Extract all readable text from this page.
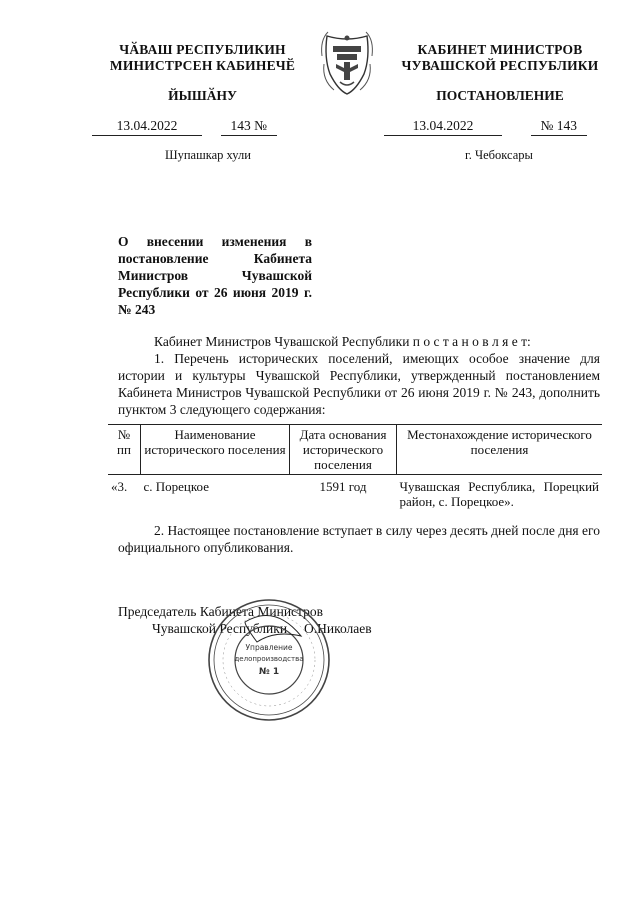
ЧӐВАШ РЕСПУБЛИКИН
МИНИСТРСЕН КАБИНЕЧӖ
ЙЫШӐНУ
КАБИНЕТ МИНИСТРОВ
ЧУВАШСКОЙ РЕСПУБЛИКИ
ПОСТАНОВЛЕНИЕ
13.04.2022	143 №	13.04.2022	№ 143
Шупашкар хули	г. Чебоксары
О внесении изменения в постановление Кабинета Министров Чувашской Республики от 26 июня 2019 г. № 243
Кабинет Министров Чувашской Республики п о с т а н о в л я е т:
1. Перечень исторических поселений, имеющих особое значение для истории и культуры Чувашской Республики, утвержденный постановлением Кабинета Министров Чувашской Республики от 26 июня 2019 г. № 243, дополнить пунктом 3 следующего содержания:
№ пп	Наименование исторического поселения	Дата основания исторического поселения	Местонахождение исторического поселения
«3.	с. Порецкое	1591 год	Чувашская Республика, Порецкий район, с. Порецкое».
2. Настоящее постановление вступает в силу через десять дней после дня его официального опубликования.
Председатель Кабинета Министров
Чувашской Республики О.Николаев
Управление
делопроизводства
№ 1
